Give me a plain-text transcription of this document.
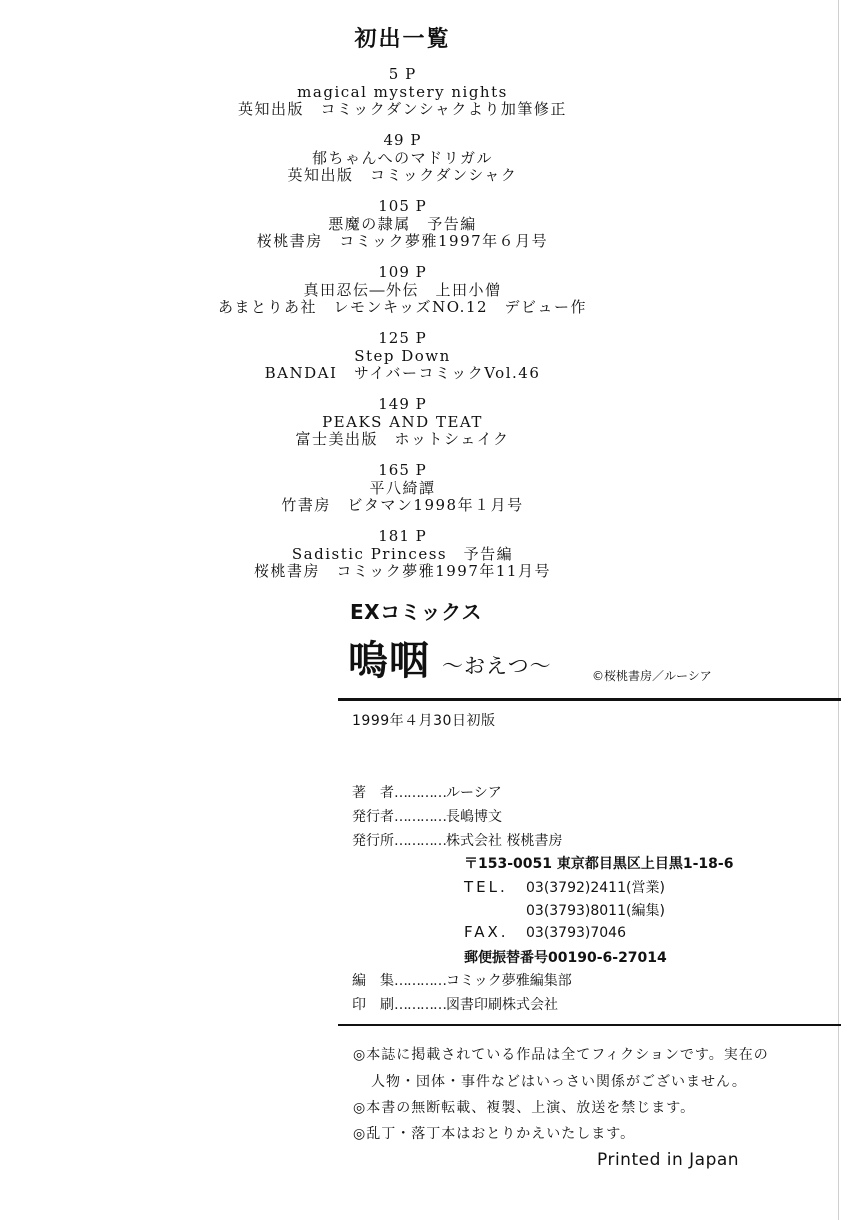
初出一覧
5 P
magical mystery nights
英知出版　コミックダンシャクより加筆修正
49 P
郁ちゃんへのマドリガル
英知出版　コミックダンシャク
105 P
悪魔の隷属　予告編
桜桃書房　コミック夢雅1997年６月号
109 P
真田忍伝―外伝　上田小僧
あまとりあ社　レモンキッズNO.12　デビュー作
125 P
Step Down
BANDAI　サイバーコミックVol.46
149 P
PEAKS AND TEAT
富士美出版　ホットシェイク
165 P
平八綺譚
竹書房　ビタマン1998年１月号
181 P
Sadistic Princess　予告編
桜桃書房　コミック夢雅1997年11月号
EXコミックス
嗚咽 ～おえつ～	©桜桃書房／ルーシア
1999年４月30日初版
著　者…………ルーシア
発行者…………長嶋博文
発行所…………株式会社 桜桃書房
〒153-0051 東京都目黒区上目黒1-18-6
TEL. 03(3792)2411(営業)
03(3793)8011(編集)
FAX. 03(3793)7046
郵便振替番号00190-6-27014
編　集…………コミック夢雅編集部
印　刷…………図書印刷株式会社
◎本誌に掲載されている作品は全てフィクションです。実在の
人物・団体・事件などはいっさい関係がございません。
◎本書の無断転載、複製、上演、放送を禁じます。
◎乱丁・落丁本はおとりかえいたします。
Printed in Japan
